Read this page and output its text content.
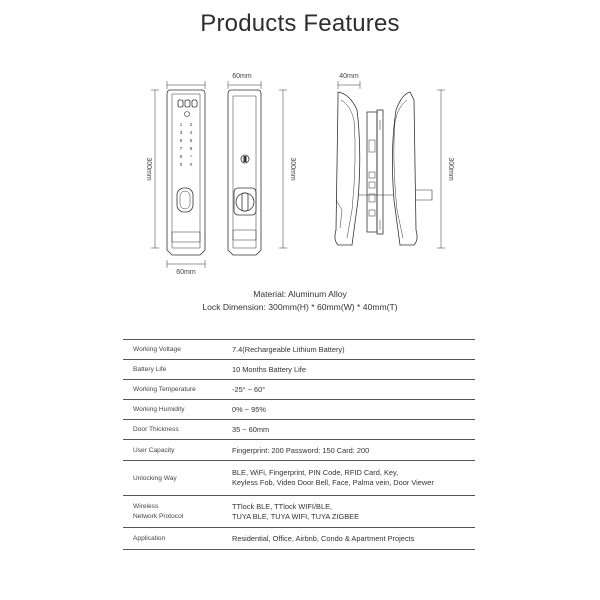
Products Features
300mm
1 2
3 4
5 6
7 8
9 *
0 #
60mm
60mm
300mm
40mm
300mm
Material: Aluminum Alloy
Lock Dimension: 300mm(H) * 60mm(W) * 40mm(T)
Working Voltage	7.4(Rechargeable Lithium Battery)
Battery Life	10 Months Battery Life
Working Temperature	-25° ~ 60°
Working Humidity	0% ~ 95%
Door Thickness	35 ~ 60mm
User Capacity	Fingerprint: 200 Password: 150 Card: 200
Unlocking Way	BLE, WiFi, Fingerprint, PIN Code, RFID Card, Key,
Keyless Fob, Video Door Bell, Face, Palma vein, Door Viewer

Wireless
Network Protocol	TTlock BLE, TTlock WIFI/BLE,
TUYA BLE, TUYA WIFI, TUYA ZIGBEE

Application	Residential, Office, Airbnb, Condo & Apartment Projects
